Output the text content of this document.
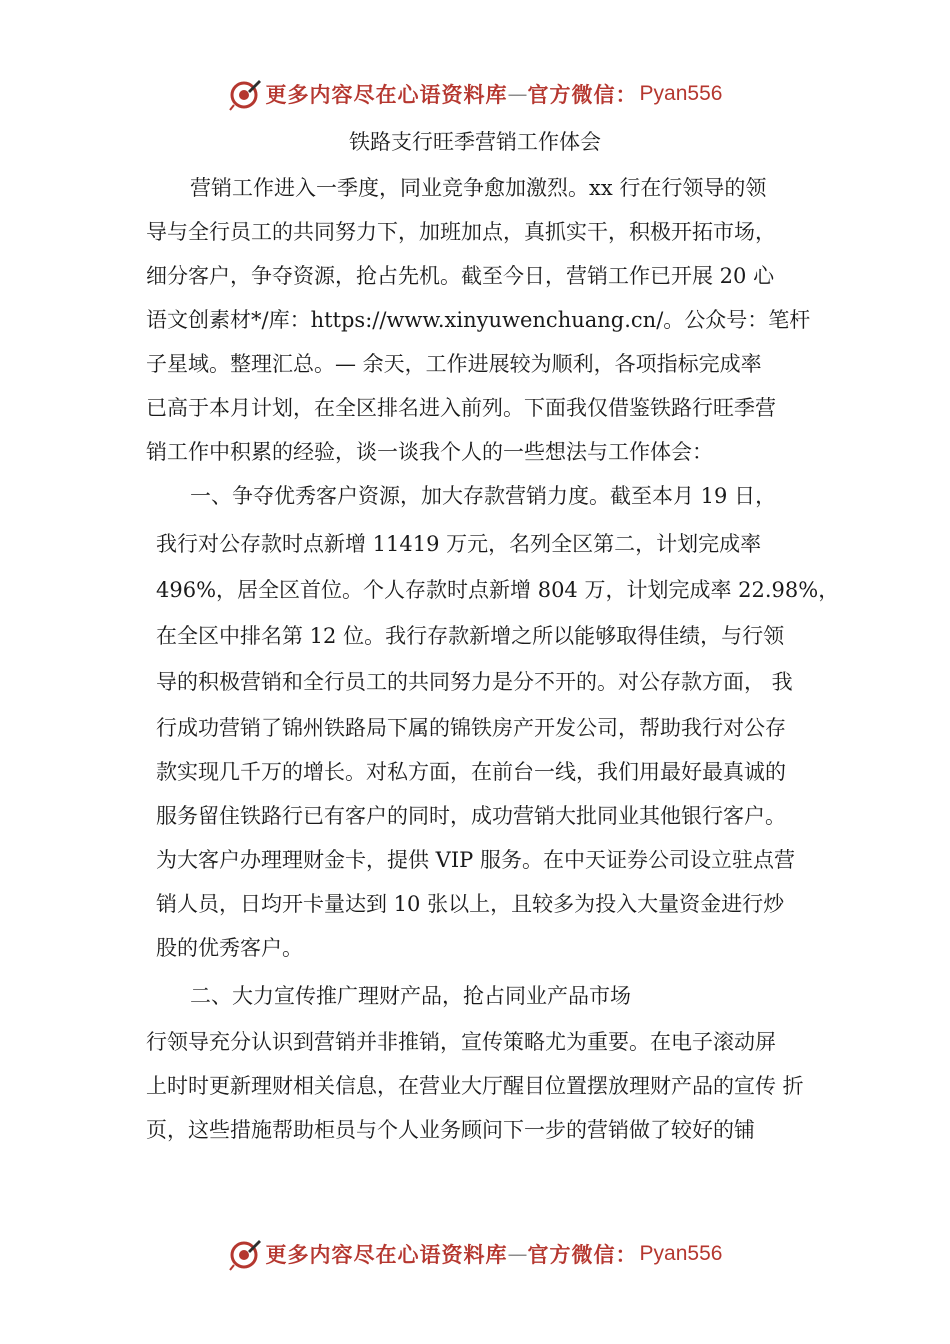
更多内容尽在心语资料库 — 官方微信： Pyan556
铁路支行旺季营销工作体会
营销工作进入一季度，同业竞争愈加激烈。xx 行在行领导的领
导与全行员工的共同努力下，加班加点，真抓实干，积极开拓市场，
细分客户，争夺资源，抢占先机。截至今日，营销工作已开展 20 心
语文创素材*/库：https://www.xinyuwenchuang.cn/。公众号：笔杆
子星域。整理汇总。— 余天，工作进展较为顺利，各项指标完成率
已高于本月计划，在全区排名进入前列。下面我仅借鉴铁路行旺季营
销工作中积累的经验，谈一谈我个人的一些想法与工作体会：
一、争夺优秀客户资源，加大存款营销力度。截至本月 19 日，
我行对公存款时点新增 11419 万元，名列全区第二，计划完成率
496%，居全区首位。个人存款时点新增 804 万，计划完成率 22.98%，
在全区中排名第 12 位。我行存款新增之所以能够取得佳绩，与行领
导的积极营销和全行员工的共同努力是分不开的。对公存款方面， 我
行成功营销了锦州铁路局下属的锦铁房产开发公司，帮助我行对公存
款实现几千万的增长。对私方面，在前台一线，我们用最好最真诚的
服务留住铁路行已有客户的同时，成功营销大批同业其他银行客户。
为大客户办理理财金卡，提供 VIP 服务。在中天证券公司设立驻点营
销人员，日均开卡量达到 10 张以上，且较多为投入大量资金进行炒
股的优秀客户。
二、大力宣传推广理财产品，抢占同业产品市场
行领导充分认识到营销并非推销，宣传策略尤为重要。在电子滚动屏
上时时更新理财相关信息，在营业大厅醒目位置摆放理财产品的宣传 折
页，这些措施帮助柜员与个人业务顾问下一步的营销做了较好的铺
更多内容尽在心语资料库 — 官方微信： Pyan556
